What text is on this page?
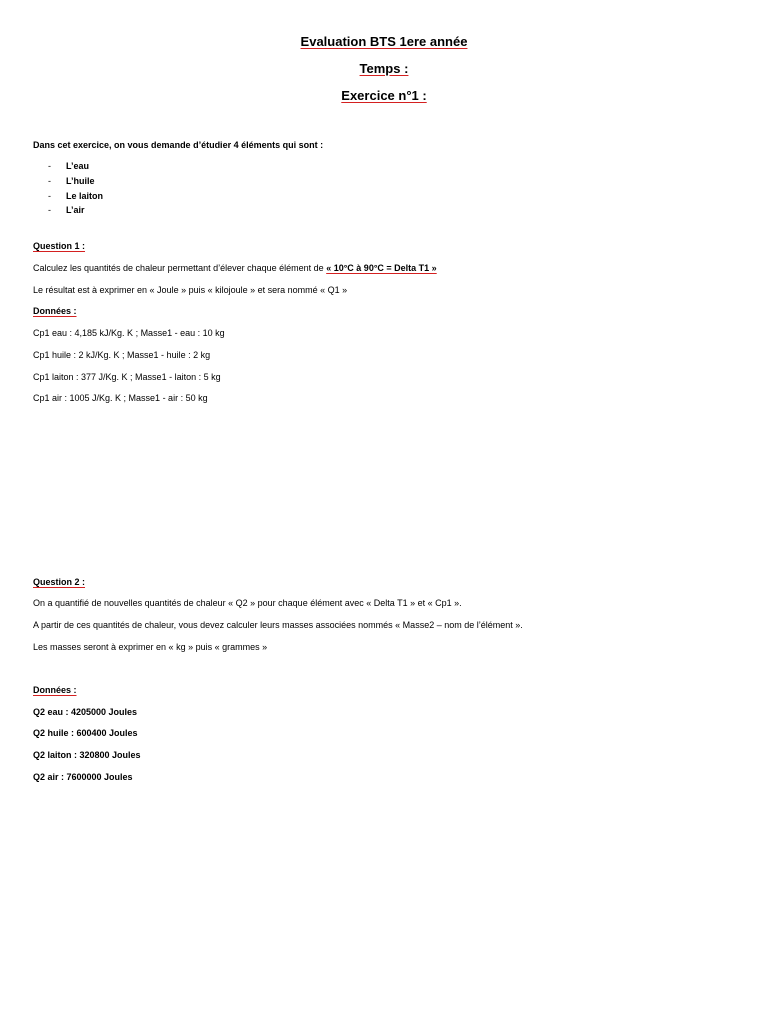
Evaluation BTS 1ere année
Temps :
Exercice n°1 :
Dans cet exercice, on vous demande d’étudier 4 éléments qui sont :
- L’eau
- L’huile
- Le laiton
- L’air
Question 1 :
Calculez les quantités de chaleur permettant d’élever chaque élément de « 10°C à 90°C = Delta T1 »
Le résultat est à exprimer en « Joule » puis « kilojoule » et sera nommé « Q1 »
Données :
Cp1 eau : 4,185 kJ/Kg. K ; Masse1 - eau : 10 kg
Cp1 huile : 2 kJ/Kg. K ; Masse1 - huile : 2 kg
Cp1 laiton : 377 J/Kg. K ; Masse1 - laiton : 5 kg
Cp1 air : 1005 J/Kg. K ; Masse1 - air : 50 kg
Question 2 :
On a quantifié de nouvelles quantités de chaleur « Q2 » pour chaque élément avec « Delta T1 » et « Cp1 ».
A partir de ces quantités de chaleur, vous devez calculer leurs masses associées nommés « Masse2 – nom de l’élément ».
Les masses seront à exprimer en « kg » puis « grammes »
Données :
Q2 eau : 4205000 Joules
Q2 huile : 600400 Joules
Q2 laiton : 320800 Joules
Q2 air : 7600000 Joules
